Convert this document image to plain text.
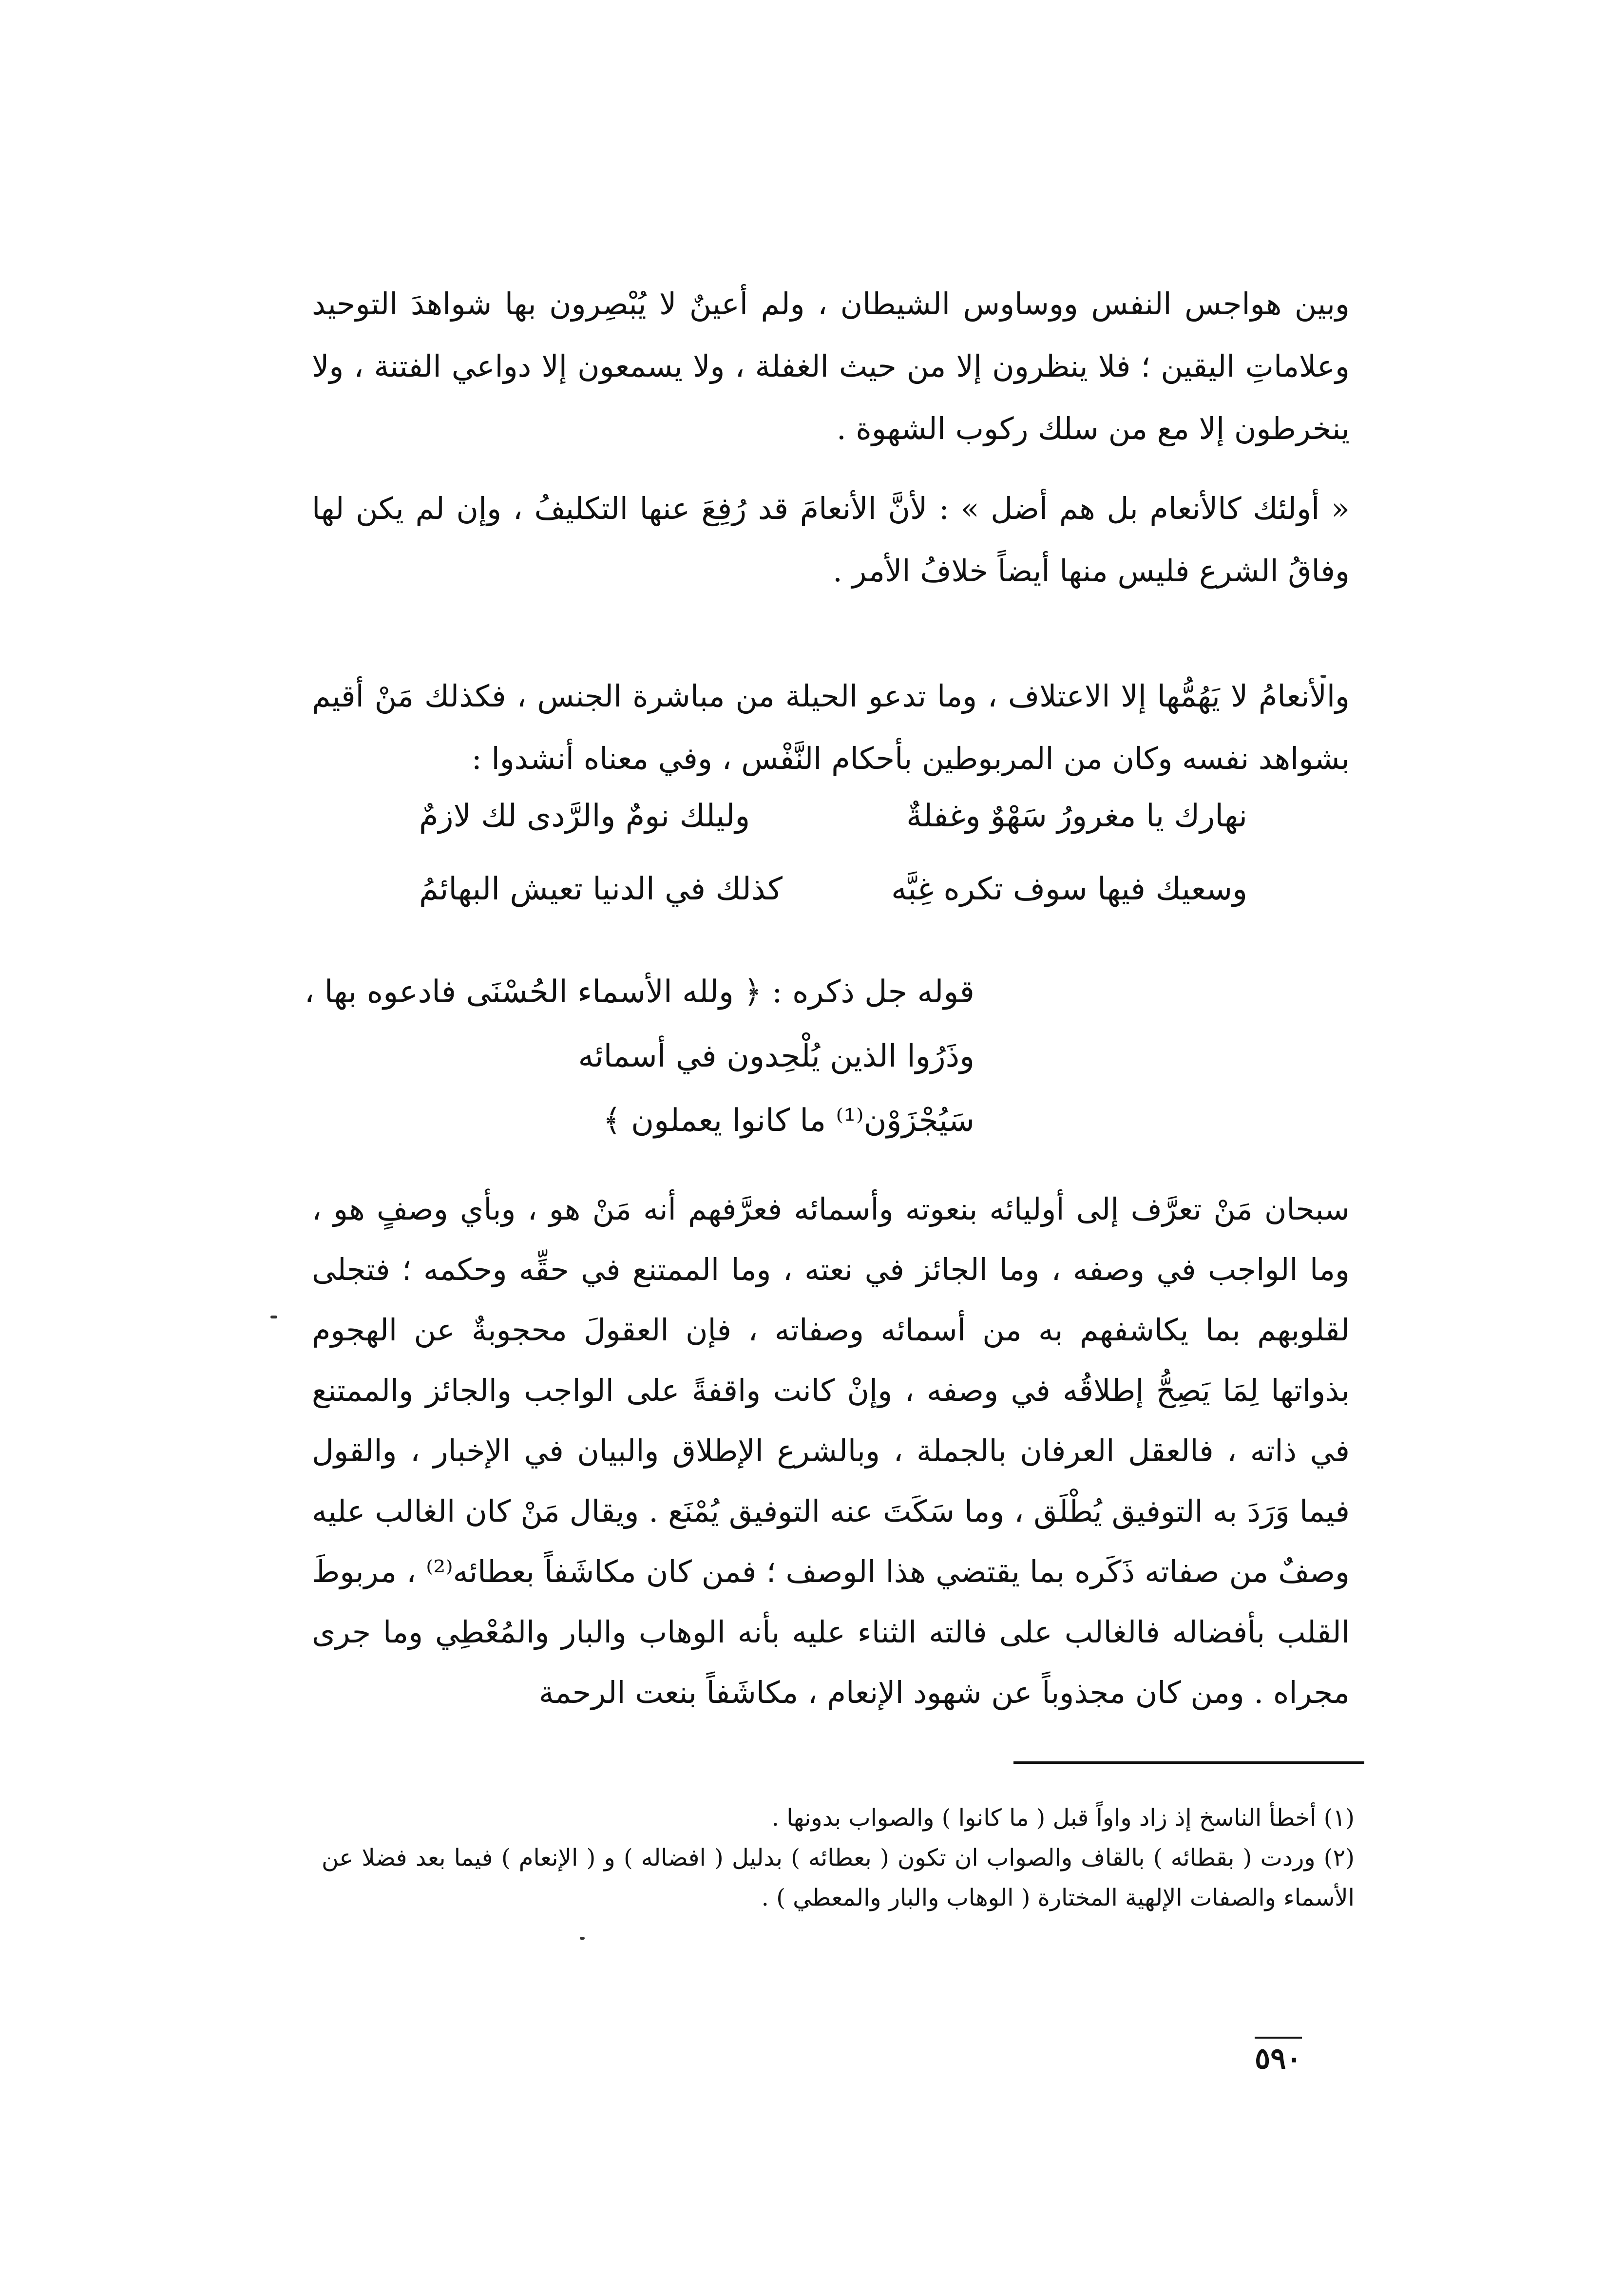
وبين هواجس النفس ووساوس الشيطان ، ولم أعينٌ لا يُبْصِرون بها شواهدَ التوحيد وعلاماتِ اليقين ؛ فلا ينظرون إلا من حيث الغفلة ، ولا يسمعون إلا دواعي الفتنة ، ولا ينخرطون إلا مع من سلك ركوب الشهوة .

« أولئك كالأنعام بل هم أضل » : لأنَّ الأنعامَ قد رُفِعَ عنها التكليفُ ، وإن لم يكن لها وفاقُ الشرع فليس منها أيضاً خلافُ الأمر .

والأنعامُ لا يَهُمُّها إلا الاعتلاف ، وما تدعو الحيلة من مباشرة الجنس ، فكذلك مَنْ أقيم بشواهد نفسه وكان من المربوطين بأحكام النَّفْس ، وفي معناه أنشدوا :

نهارك يا مغرورُ سَهْوٌ وغفلةٌ
وليلك نومٌ والرَّدى لك لازمٌ
وسعيك فيها سوف تكره غِبَّه
كذلك في الدنيا تعيش البهائمُ
قوله جل ذكره : ﴿ ولله الأسماء الحُسْنَى فادعوه بها ،
وذَرُوا الذين يُلْحِدون في أسمائه
سَيُجْزَوْن⁽¹⁾ ما كانوا يعملون ﴾

سبحان مَنْ تعرَّف إلى أوليائه بنعوته وأسمائه فعرَّفهم أنه مَنْ هو ، وبأي وصفٍ هو ، وما الواجب في وصفه ، وما الجائز في نعته ، وما الممتنع في حقِّه وحكمه ؛ فتجلى لقلوبهم بما يكاشفهم به من أسمائه وصفاته ، فإن العقولَ محجوبةٌ عن الهجوم بذواتها لِمَا يَصِحُّ إطلاقُه في وصفه ، وإنْ كانت واقفةً على الواجب والجائز والممتنع في ذاته ، فالعقل العرفان بالجملة ، وبالشرع الإطلاق والبيان في الإخبار ، والقول فيما وَرَدَ به التوفيق يُطْلَق ، وما سَكَتَ عنه التوفيق يُمْنَع . ويقال مَنْ كان الغالب عليه وصفٌ من صفاته ذَكَره بما يقتضي هذا الوصف ؛ فمن كان مكاشَفاً بعطائه⁽²⁾ ، مربوطَ القلب بأفضاله فالغالب على فالته الثناء عليه بأنه الوهاب والبار والمُعْطِي وما جرى مجراه . ومن كان مجذوباً عن شهود الإنعام ، مكاشَفاً بنعت الرحمة

(١) أخطأ الناسخ إذ زاد واواً قبل ( ما كانوا ) والصواب بدونها .

(٢) وردت ( بقطائه ) بالقاف والصواب ان تكون ( بعطائه ) بدليل ( افضاله ) و ( الإنعام ) فيما بعد فضلا عن الأسماء والصفات الإلهية المختارة ( الوهاب والبار والمعطي ) .

٥٩٠
